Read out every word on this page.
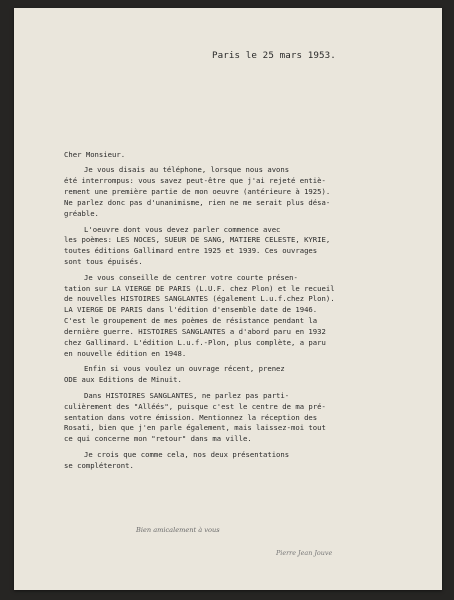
Paris le 25 mars 1953.
Cher Monsieur.
Je vous disais au téléphone, lorsque nous avons
été interrompus: vous savez peut-être que j'ai rejeté entiè-
rement une première partie de mon oeuvre (antérieure à 1925).
Ne parlez donc pas d'unanimisme, rien ne me serait plus désa-
gréable.
L'oeuvre dont vous devez parler commence avec
les poèmes: LES NOCES, SUEUR DE SANG, MATIERE CELESTE, KYRIE,
toutes éditions Gallimard entre 1925 et 1939. Ces ouvrages
sont tous épuisés.
Je vous conseille de centrer votre courte présen-
tation sur LA VIERGE DE PARIS (L.U.F. chez Plon) et le recueil
de nouvelles HISTOIRES SANGLANTES (également L.u.f.chez Plon).
LA VIERGE DE PARIS dans l'édition d'ensemble date de 1946.
C'est le groupement de mes poèmes de résistance pendant la
dernière guerre. HISTOIRES SANGLANTES a d'abord paru en 1932
chez Gallimard. L'édition L.u.f.-Plon, plus complète, a paru
en nouvelle édition en 1948.
Enfin si vous voulez un ouvrage récent, prenez
ODE aux Editions de Minuit.
Dans HISTOIRES SANGLANTES, ne parlez pas parti-
culièrement des "Alléés", puisque c'est le centre de ma pré-
sentation dans votre émission. Mentionnez la réception des
Rosati, bien que j'en parle également, mais laissez-moi tout
ce qui concerne mon "retour" dans ma ville.
Je crois que comme cela, nos deux présentations
se compléteront.
Bien amicalement à vous
Pierre Jean Jouve
